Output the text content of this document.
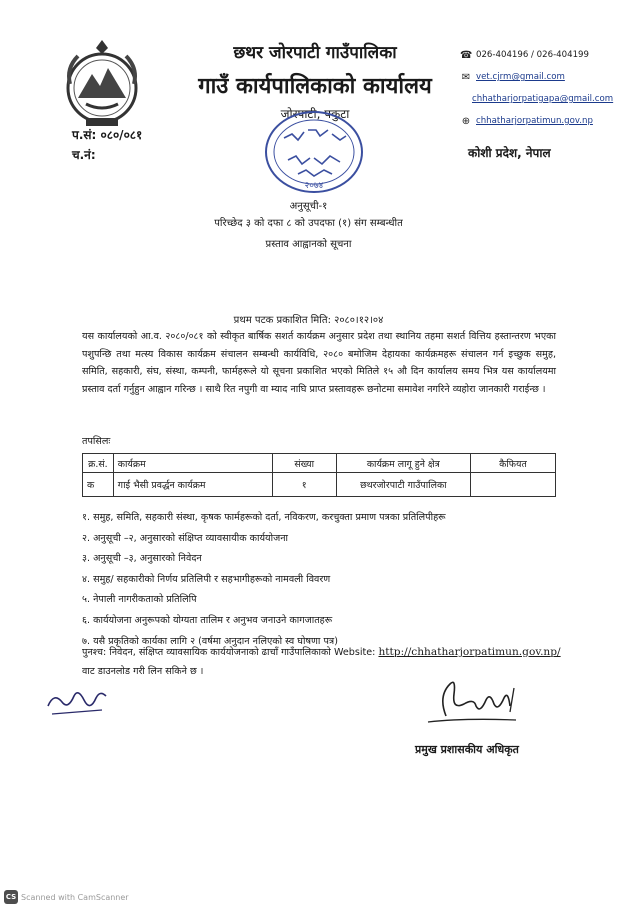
छथर जोरपाटी गाउँपालिका
गाउँ कार्यपालिकाको कार्यालय
जोरपाटी, पकुटा
☎ 026-404196 / 026-404199
✉ vet.cjrm@gmail.com
chhatharjorpatigapa@gmail.com
⊕ chhatharjorpatimun.gov.np
प.सं: ०८०/०८१
च.नं:	कोशी प्रदेश, नेपाल
२०७४
अनुसूची-१
परिच्छेद ३ को दफा ८ को उपदफा (१) संग सम्बन्धीत
प्रस्ताव आह्वानको सूचना
प्रथम पटक प्रकाशित मिति: २०८०।१२।०४

यस कार्यालयको आ.व. २०८०/०८१ को स्वीकृत बार्षिक सशर्त कार्यक्रम अनुसार प्रदेश तथा स्थानिय तहमा सशर्त वित्तिय हस्तान्तरण भएका पशुपन्छि तथा मत्स्य विकास कार्यक्रम संचालन सम्बन्धी कार्यविधि, २०८० बमोजिम देहायका कार्यक्रमहरू संचालन गर्न इच्छुक समुह, समिति, सहकारी, संघ, संस्था, कम्पनी, फार्महरूले यो सूचना प्रकाशित भएको मितिले १५ औ दिन कार्यालय समय भित्र यस कार्यालयमा प्रस्ताव दर्ता गर्नुहुन आह्वान गरिन्छ । साथै रित नपुगी वा म्याद नाघि प्राप्त प्रस्तावहरू छनोटमा समावेश नगरिने व्यहोरा जानकारी गराईन्छ ।

तपसिलः
क्र.सं.	कार्यक्रम	संख्या	कार्यक्रम लागू हुने क्षेत्र	कैफियत
क	गाई भैसी प्रवर्द्धन कार्यक्रम	१	छथरजोरपाटी गाउँपालिका	
१. समुह, समिति, सहकारी संस्था, कृषक फार्महरूको दर्ता, नविकरण, करचुक्ता प्रमाण पत्रका प्रतिलिपीहरू
२. अनुसूची –२, अनुसारको संक्षिप्त व्यावसायीक कार्ययोजना
३. अनुसूची –३, अनुसारको निवेदन
४. समुह/ सहकारीको निर्णय प्रतिलिपी र सहभागीहरूको नामवली विवरण
५. नेपाली नागरीकताको प्रतिलिपि
६. कार्ययोजना अनुरूपको योग्यता तालिम र अनुभव जनाउने कागजातहरू
७. यसै प्रकृतिको कार्यका लागि २ (वर्षमा अनुदान नलिएको स्व घोषणा पत्र)
पुनश्च: निवेदन, संक्षिप्त व्यावसायिक कार्ययोजनाको ढाचाँ गाउँपालिकाको Website: http://chhatharjorpatimun.gov.np/
वाट डाउनलोड गरी लिन सकिने छ ।
प्रमुख प्रशासकीय अधिकृत
CS Scanned with CamScanner
